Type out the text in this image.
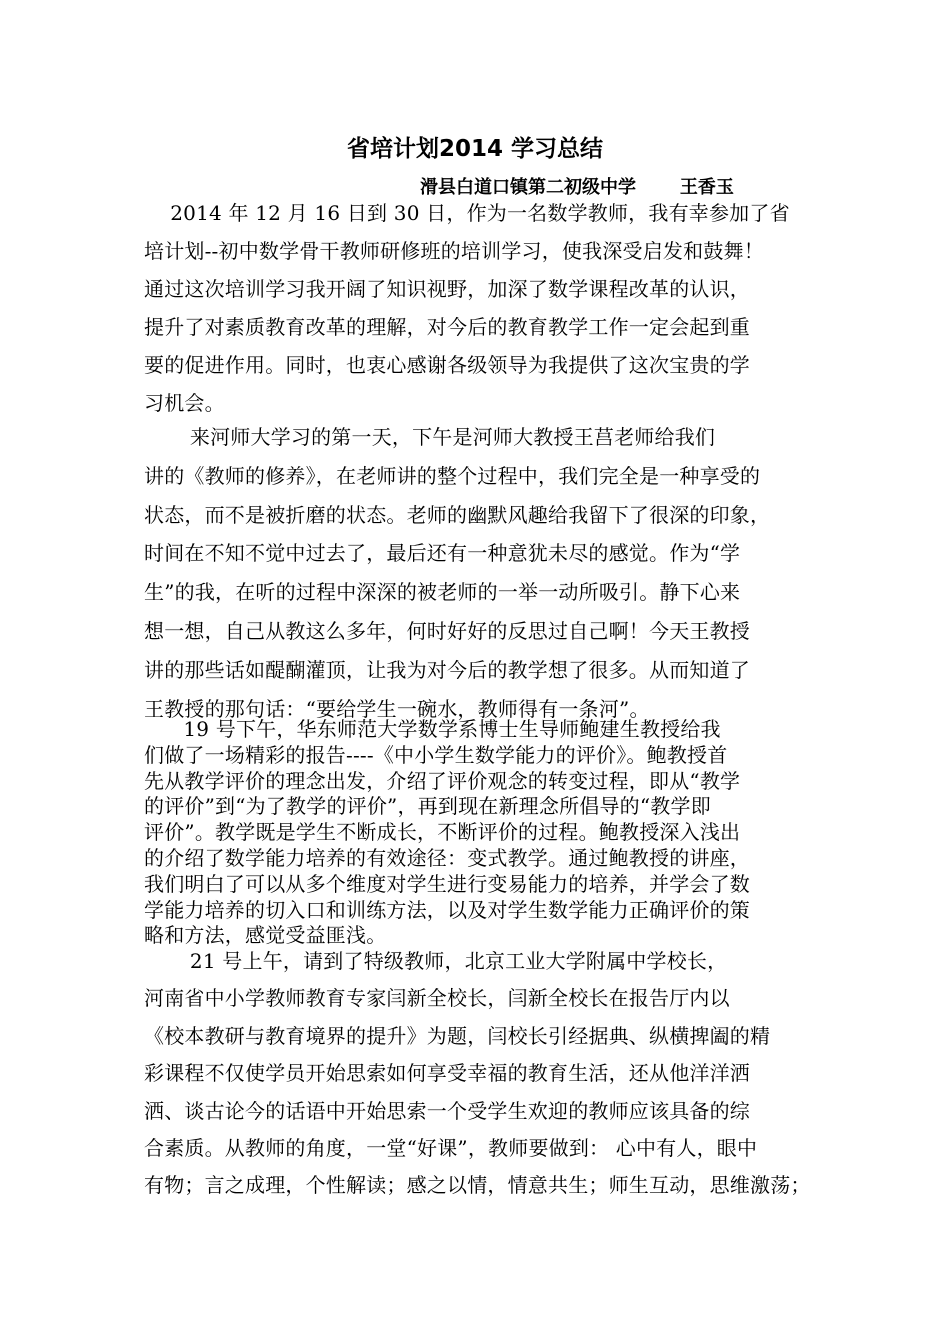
省培计划2014 学习总结
滑县白道口镇第二初级中学       王香玉
2014 年 12 月 16 日到 30 日，作为一名数学教师，我有幸参加了省
培计划--初中数学骨干教师研修班的培训学习，使我深受启发和鼓舞！
通过这次培训学习我开阔了知识视野，加深了数学课程改革的认识，
提升了对素质教育改革的理解，对今后的教育教学工作一定会起到重
要的促进作用。同时，也衷心感谢各级领导为我提供了这次宝贵的学
习机会。
来河师大学习的第一天，下午是河师大教授王莒老师给我们
讲的《教师的修养》，在老师讲的整个过程中，我们完全是一种享受的
状态，而不是被折磨的状态。老师的幽默风趣给我留下了很深的印象，
时间在不知不觉中过去了，最后还有一种意犹未尽的感觉。作为“学
生”的我，在听的过程中深深的被老师的一举一动所吸引。静下心来
想一想，自己从教这么多年，何时好好的反思过自己啊！今天王教授
讲的那些话如醍醐灌顶，让我为对今后的教学想了很多。从而知道了
王教授的那句话：“要给学生一碗水，教师得有一条河”。
19 号下午，华东师范大学数学系博士生导师鲍建生教授给我
们做了一场精彩的报告----《中小学生数学能力的评价》。鲍教授首
先从教学评价的理念出发，介绍了评价观念的转变过程，即从“教学
的评价”到“为了教学的评价”，再到现在新理念所倡导的“教学即
评价”。教学既是学生不断成长，不断评价的过程。鲍教授深入浅出
的介绍了数学能力培养的有效途径：变式教学。通过鲍教授的讲座，
我们明白了可以从多个维度对学生进行变易能力的培养，并学会了数
学能力培养的切入口和训练方法，以及对学生数学能力正确评价的策
略和方法，感觉受益匪浅。
21 号上午，请到了特级教师，北京工业大学附属中学校长，
河南省中小学教师教育专家闫新全校长，闫新全校长在报告厅内以
《校本教研与教育境界的提升》为题，闫校长引经据典、纵横捭阖的精
彩课程不仅使学员开始思索如何享受幸福的教育生活，还从他洋洋洒
洒、谈古论今的话语中开始思索一个受学生欢迎的教师应该具备的综
合素质。从教师的角度，一堂“好课”，教师要做到： 心中有人，眼中
有物；言之成理，个性解读；感之以情，情意共生；师生互动，思维激荡；
